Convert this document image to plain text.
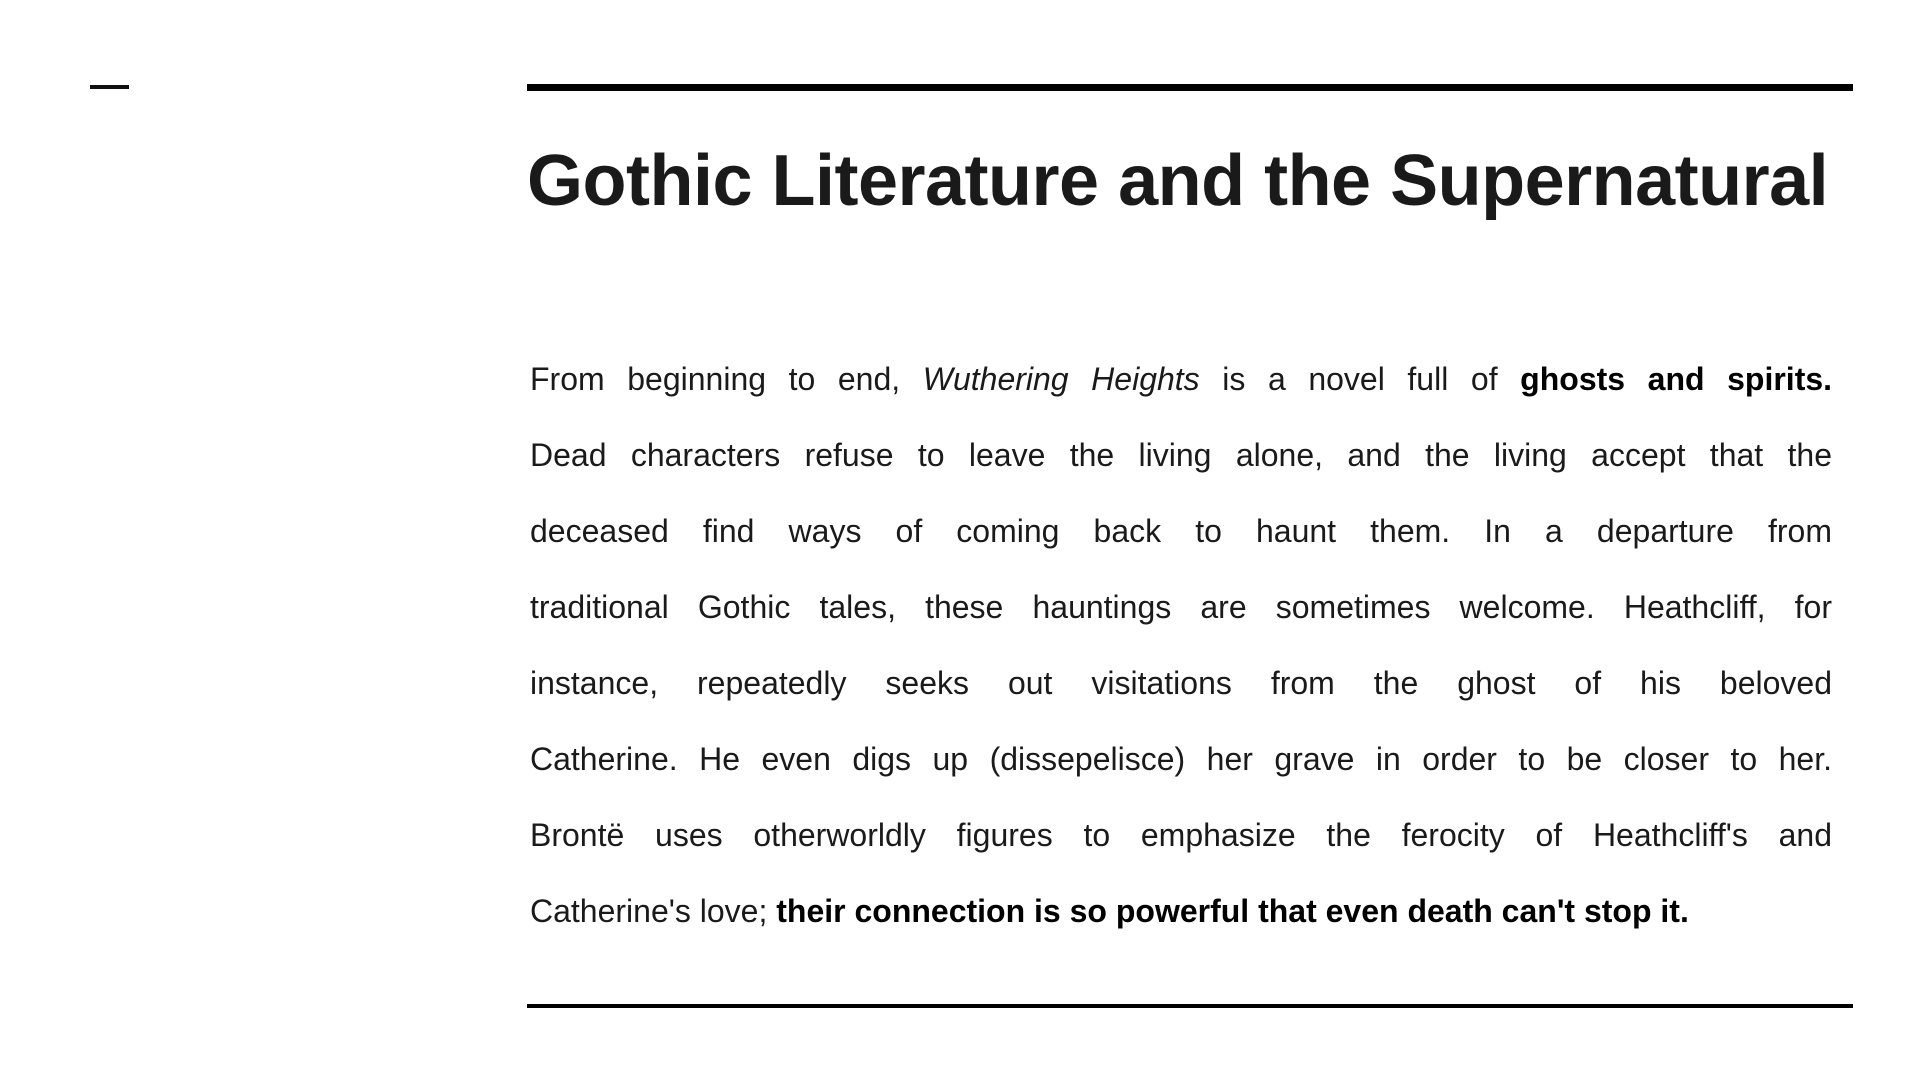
Gothic Literature and the Supernatural
From beginning to end, Wuthering Heights is a novel full of ghosts and spirits.
Dead characters refuse to leave the living alone, and the living accept that the
deceased find ways of coming back to haunt them. In a departure from
traditional Gothic tales, these hauntings are sometimes welcome. Heathcliff, for
instance, repeatedly seeks out visitations from the ghost of his beloved
Catherine. He even digs up (dissepelisce) her grave in order to be closer to her.
Brontë uses otherworldly figures to emphasize the ferocity of Heathcliff's and
Catherine's love; their connection is so powerful that even death can't stop it.
